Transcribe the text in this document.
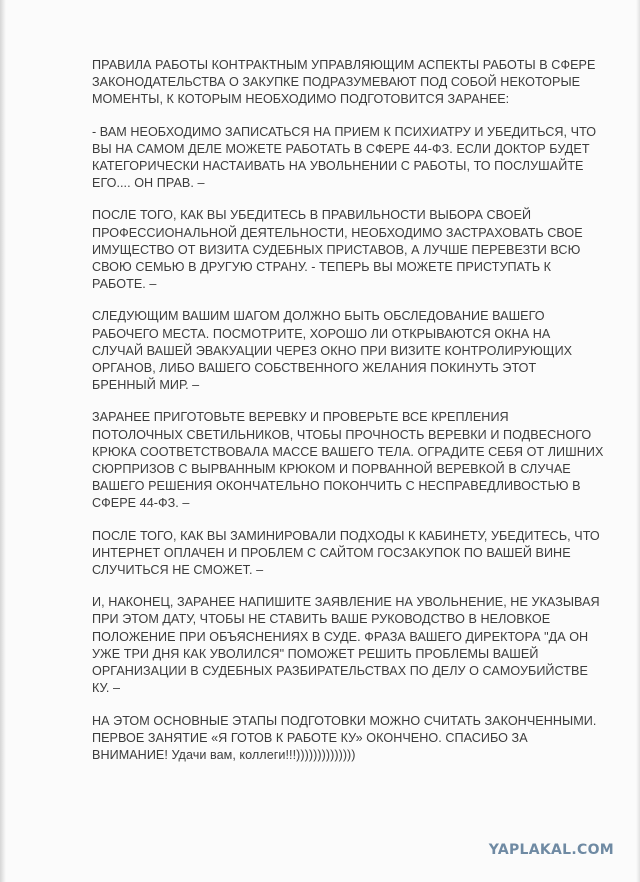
ПРАВИЛА РАБОТЫ КОНТРАКТНЫМ УПРАВЛЯЮЩИМ АСПЕКТЫ РАБОТЫ В СФЕРЕ
ЗАКОНОДАТЕЛЬСТВА О ЗАКУПКЕ ПОДРАЗУМЕВАЮТ ПОД СОБОЙ НЕКОТОРЫЕ
МОМЕНТЫ, К КОТОРЫМ НЕОБХОДИМО ПОДГОТОВИТСЯ ЗАРАНЕЕ:

- ВАМ НЕОБХОДИМО ЗАПИСАТЬСЯ НА ПРИЕМ К ПСИХИАТРУ И УБЕДИТЬСЯ, ЧТО
ВЫ НА САМОМ ДЕЛЕ МОЖЕТЕ РАБОТАТЬ В СФЕРЕ 44-ФЗ. ЕСЛИ ДОКТОР БУДЕТ
КАТЕГОРИЧЕСКИ НАСТАИВАТЬ НА УВОЛЬНЕНИИ С РАБОТЫ, ТО ПОСЛУШАЙТЕ
ЕГО.... ОН ПРАВ. –

ПОСЛЕ ТОГО, КАК ВЫ УБЕДИТЕСЬ В ПРАВИЛЬНОСТИ ВЫБОРА СВОЕЙ
ПРОФЕССИОНАЛЬНОЙ ДЕЯТЕЛЬНОСТИ, НЕОБХОДИМО ЗАСТРАХОВАТЬ СВОЕ
ИМУЩЕСТВО ОТ ВИЗИТА СУДЕБНЫХ ПРИСТАВОВ, А ЛУЧШЕ ПЕРЕВЕЗТИ ВСЮ
СВОЮ СЕМЬЮ В ДРУГУЮ СТРАНУ. - ТЕПЕРЬ ВЫ МОЖЕТЕ ПРИСТУПАТЬ К
РАБОТЕ. –

СЛЕДУЮЩИМ ВАШИМ ШАГОМ ДОЛЖНО БЫТЬ ОБСЛЕДОВАНИЕ ВАШЕГО
РАБОЧЕГО МЕСТА. ПОСМОТРИТЕ, ХОРОШО ЛИ ОТКРЫВАЮТСЯ ОКНА НА
СЛУЧАЙ ВАШЕЙ ЭВАКУАЦИИ ЧЕРЕЗ ОКНО ПРИ ВИЗИТЕ КОНТРОЛИРУЮЩИХ
ОРГАНОВ, ЛИБО ВАШЕГО СОБСТВЕННОГО ЖЕЛАНИЯ ПОКИНУТЬ ЭТОТ
БРЕННЫЙ МИР. –

ЗАРАНЕЕ ПРИГОТОВЬТЕ ВЕРЕВКУ И ПРОВЕРЬТЕ ВСЕ КРЕПЛЕНИЯ
ПОТОЛОЧНЫХ СВЕТИЛЬНИКОВ, ЧТОБЫ ПРОЧНОСТЬ ВЕРЕВКИ И ПОДВЕСНОГО
КРЮКА СООТВЕТСТВОВАЛА МАССЕ ВАШЕГО ТЕЛА. ОГРАДИТЕ СЕБЯ ОТ ЛИШНИХ
СЮРПРИЗОВ С ВЫРВАННЫМ КРЮКОМ И ПОРВАННОЙ ВЕРЕВКОЙ В СЛУЧАЕ
ВАШЕГО РЕШЕНИЯ ОКОНЧАТЕЛЬНО ПОКОНЧИТЬ С НЕСПРАВЕДЛИВОСТЬЮ В
СФЕРЕ 44-ФЗ. –

ПОСЛЕ ТОГО, КАК ВЫ ЗАМИНИРОВАЛИ ПОДХОДЫ К КАБИНЕТУ, УБЕДИТЕСЬ, ЧТО
ИНТЕРНЕТ ОПЛАЧЕН И ПРОБЛЕМ С САЙТОМ ГОСЗАКУПОК ПО ВАШЕЙ ВИНЕ
СЛУЧИТЬСЯ НЕ СМОЖЕТ. –

И, НАКОНЕЦ, ЗАРАНЕЕ НАПИШИТЕ ЗАЯВЛЕНИЕ НА УВОЛЬНЕНИЕ, НЕ УКАЗЫВАЯ
ПРИ ЭТОМ ДАТУ, ЧТОБЫ НЕ СТАВИТЬ ВАШЕ РУКОВОДСТВО В НЕЛОВКОЕ
ПОЛОЖЕНИЕ ПРИ ОБЪЯСНЕНИЯХ В СУДЕ. ФРАЗА ВАШЕГО ДИРЕКТОРА "ДА ОН
УЖЕ ТРИ ДНЯ КАК УВОЛИЛСЯ" ПОМОЖЕТ РЕШИТЬ ПРОБЛЕМЫ ВАШЕЙ
ОРГАНИЗАЦИИ В СУДЕБНЫХ РАЗБИРАТЕЛЬСТВАХ ПО ДЕЛУ О САМОУБИЙСТВЕ
КУ. –

НА ЭТОМ ОСНОВНЫЕ ЭТАПЫ ПОДГОТОВКИ МОЖНО СЧИТАТЬ ЗАКОНЧЕННЫМИ.
ПЕРВОЕ ЗАНЯТИЕ «Я ГОТОВ К РАБОТЕ КУ» ОКОНЧЕНО. СПАСИБО ЗА
ВНИМАНИЕ! Удачи вам, коллеги!!!))))))))))))))

YAPLAKAL.COM
